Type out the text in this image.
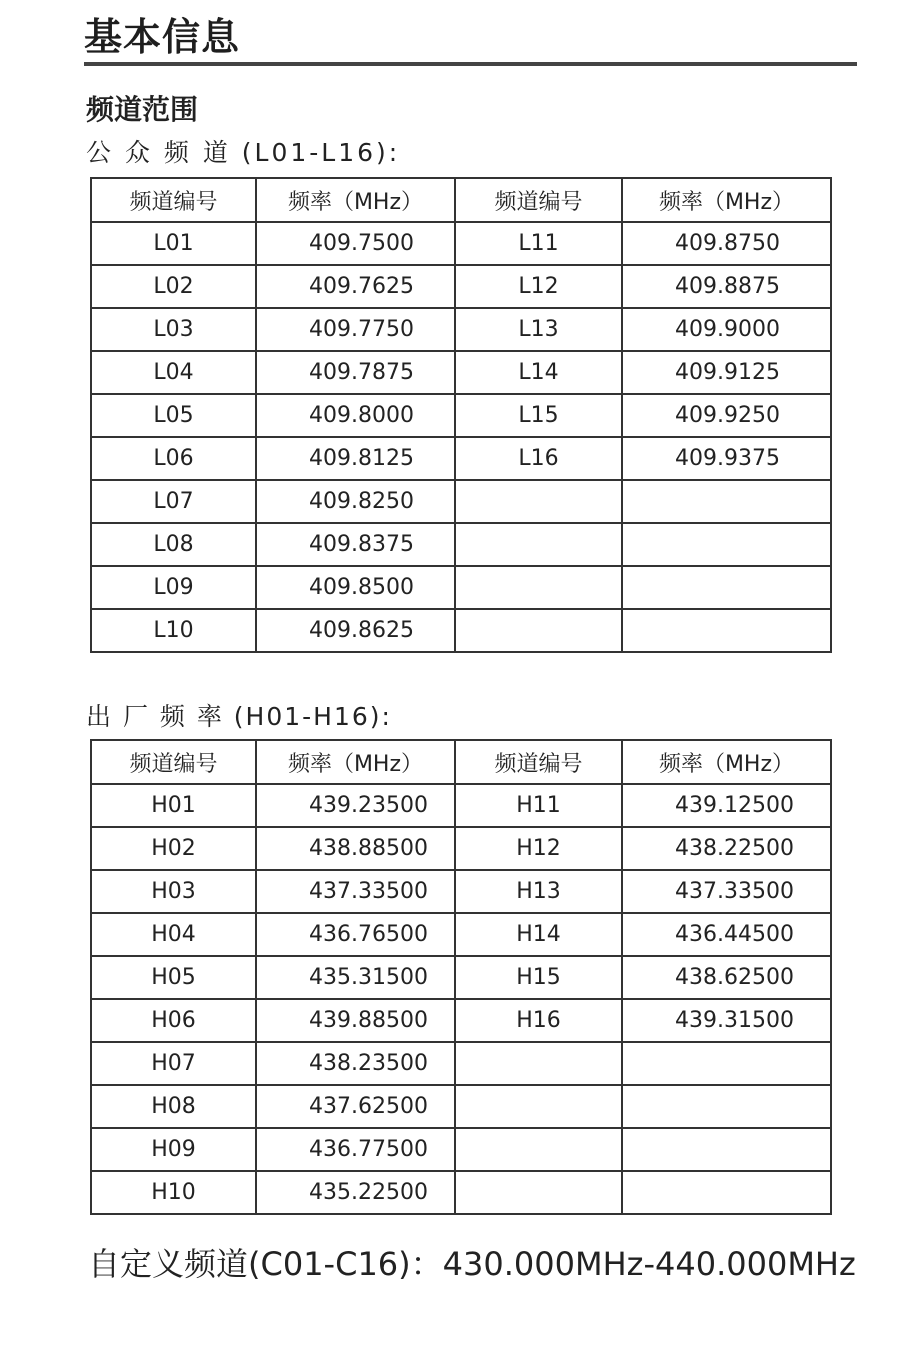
基本信息
频道范围
公 众 频 道 (L01-L16):
频道编号	频率（MHz）	频道编号	频率（MHz）
L01	409.7500	L11	409.8750
L02	409.7625	L12	409.8875
L03	409.7750	L13	409.9000
L04	409.7875	L14	409.9125
L05	409.8000	L15	409.9250
L06	409.8125	L16	409.9375
L07	409.8250		
L08	409.8375		
L09	409.8500		
L10	409.8625		
出 厂 频 率 (H01-H16):
频道编号	频率（MHz）	频道编号	频率（MHz）
H01	439.23500	H11	439.12500
H02	438.88500	H12	438.22500
H03	437.33500	H13	437.33500
H04	436.76500	H14	436.44500
H05	435.31500	H15	438.62500
H06	439.88500	H16	439.31500
H07	438.23500		
H08	437.62500		
H09	436.77500		
H10	435.22500		
自定义频道(C01-C16)：430.000MHz-440.000MHz
